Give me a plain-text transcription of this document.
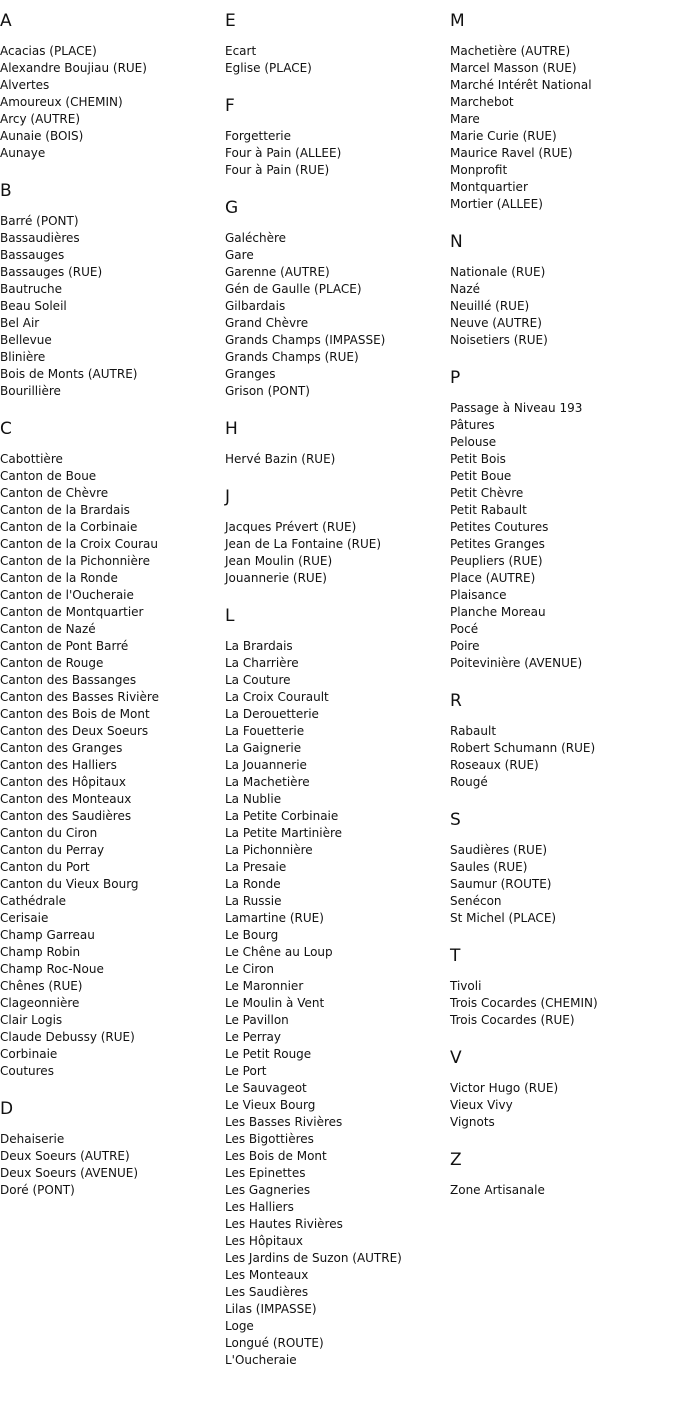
A
Acacias (PLACE)
Alexandre Boujiau (RUE)
Alvertes
Amoureux (CHEMIN)
Arcy (AUTRE)
Aunaie (BOIS)
Aunaye
B
Barré (PONT)
Bassaudières
Bassauges
Bassauges (RUE)
Bautruche
Beau Soleil
Bel Air
Bellevue
Blinière
Bois de Monts (AUTRE)
Bourillière
C
Cabottière
Canton de Boue
Canton de Chèvre
Canton de la Brardais
Canton de la Corbinaie
Canton de la Croix Courau
Canton de la Pichonnière
Canton de la Ronde
Canton de l'Oucheraie
Canton de Montquartier
Canton de Nazé
Canton de Pont Barré
Canton de Rouge
Canton des Bassanges
Canton des Basses Rivière
Canton des Bois de Mont
Canton des Deux Soeurs
Canton des Granges
Canton des Halliers
Canton des Hôpitaux
Canton des Monteaux
Canton des Saudières
Canton du Ciron
Canton du Perray
Canton du Port
Canton du Vieux Bourg
Cathédrale
Cerisaie
Champ Garreau
Champ Robin
Champ Roc-Noue
Chênes (RUE)
Clageonnière
Clair Logis
Claude Debussy (RUE)
Corbinaie
Coutures
D
Dehaiserie
Deux Soeurs (AUTRE)
Deux Soeurs (AVENUE)
Doré (PONT)
E
Ecart
Eglise (PLACE)
F
Forgetterie
Four à Pain (ALLEE)
Four à Pain (RUE)
G
Galéchère
Gare
Garenne (AUTRE)
Gén de Gaulle (PLACE)
Gilbardais
Grand Chèvre
Grands Champs (IMPASSE)
Grands Champs (RUE)
Granges
Grison (PONT)
H
Hervé Bazin (RUE)
J
Jacques Prévert (RUE)
Jean de La Fontaine (RUE)
Jean Moulin (RUE)
Jouannerie (RUE)
L
La Brardais
La Charrière
La Couture
La Croix Courault
La Derouetterie
La Fouetterie
La Gaignerie
La Jouannerie
La Machetière
La Nublie
La Petite Corbinaie
La Petite Martinière
La Pichonnière
La Presaie
La Ronde
La Russie
Lamartine (RUE)
Le Bourg
Le Chêne au Loup
Le Ciron
Le Maronnier
Le Moulin à Vent
Le Pavillon
Le Perray
Le Petit Rouge
Le Port
Le Sauvageot
Le Vieux Bourg
Les Basses Rivières
Les Bigottières
Les Bois de Mont
Les Epinettes
Les Gagneries
Les Halliers
Les Hautes Rivières
Les Hôpitaux
Les Jardins de Suzon (AUTRE)
Les Monteaux
Les Saudières
Lilas (IMPASSE)
Loge
Longué (ROUTE)
L'Oucheraie
M
Machetière (AUTRE)
Marcel Masson (RUE)
Marché Intérêt National
Marchebot
Mare
Marie Curie (RUE)
Maurice Ravel (RUE)
Monprofit
Montquartier
Mortier (ALLEE)
N
Nationale (RUE)
Nazé
Neuillé (RUE)
Neuve (AUTRE)
Noisetiers (RUE)
P
Passage à Niveau 193
Pâtures
Pelouse
Petit Bois
Petit Boue
Petit Chèvre
Petit Rabault
Petites Coutures
Petites Granges
Peupliers (RUE)
Place (AUTRE)
Plaisance
Planche Moreau
Pocé
Poire
Poitevinière (AVENUE)
R
Rabault
Robert Schumann (RUE)
Roseaux (RUE)
Rougé
S
Saudières (RUE)
Saules (RUE)
Saumur (ROUTE)
Senécon
St Michel (PLACE)
T
Tivoli
Trois Cocardes (CHEMIN)
Trois Cocardes (RUE)
V
Victor Hugo (RUE)
Vieux Vivy
Vignots
Z
Zone Artisanale
